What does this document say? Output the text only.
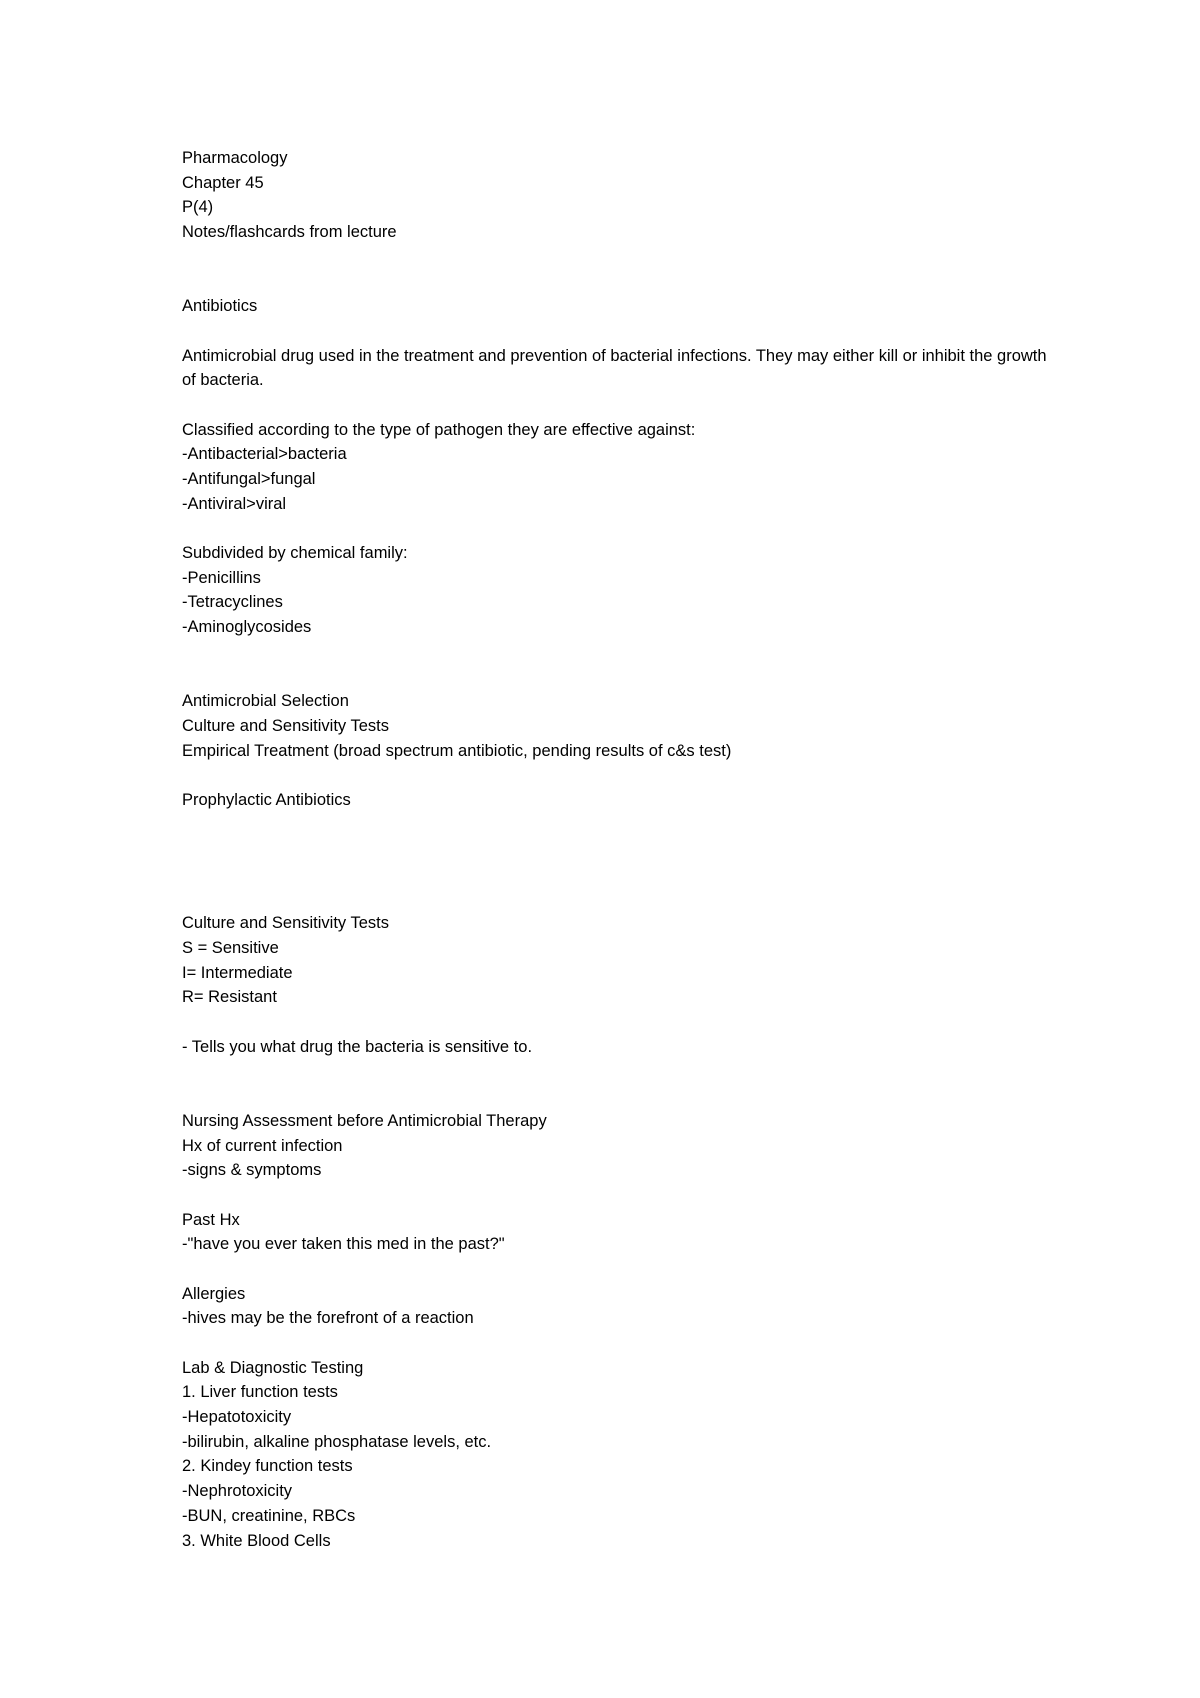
Pharmacology
Chapter 45
P(4)
Notes/flashcards from lecture
Antibiotics
Antimicrobial drug used in the treatment and prevention of bacterial infections. They may either kill or inhibit the growth of bacteria.
Classified according to the type of pathogen they are effective against:
-Antibacterial>bacteria
-Antifungal>fungal
-Antiviral>viral
Subdivided by chemical family:
-Penicillins
-Tetracyclines
-Aminoglycosides
Antimicrobial Selection
Culture and Sensitivity Tests
Empirical Treatment (broad spectrum antibiotic, pending results of c&s test)
Prophylactic Antibiotics
Culture and Sensitivity Tests
S = Sensitive
I= Intermediate
R= Resistant
- Tells you what drug the bacteria is sensitive to.
Nursing Assessment before Antimicrobial Therapy
Hx of current infection
-signs & symptoms
Past Hx
-"have you ever taken this med in the past?"
Allergies
-hives may be the forefront of a reaction
Lab & Diagnostic Testing
1. Liver function tests
-Hepatotoxicity
-bilirubin, alkaline phosphatase levels, etc.
2. Kindey function tests
-Nephrotoxicity
-BUN, creatinine, RBCs
3. White Blood Cells
